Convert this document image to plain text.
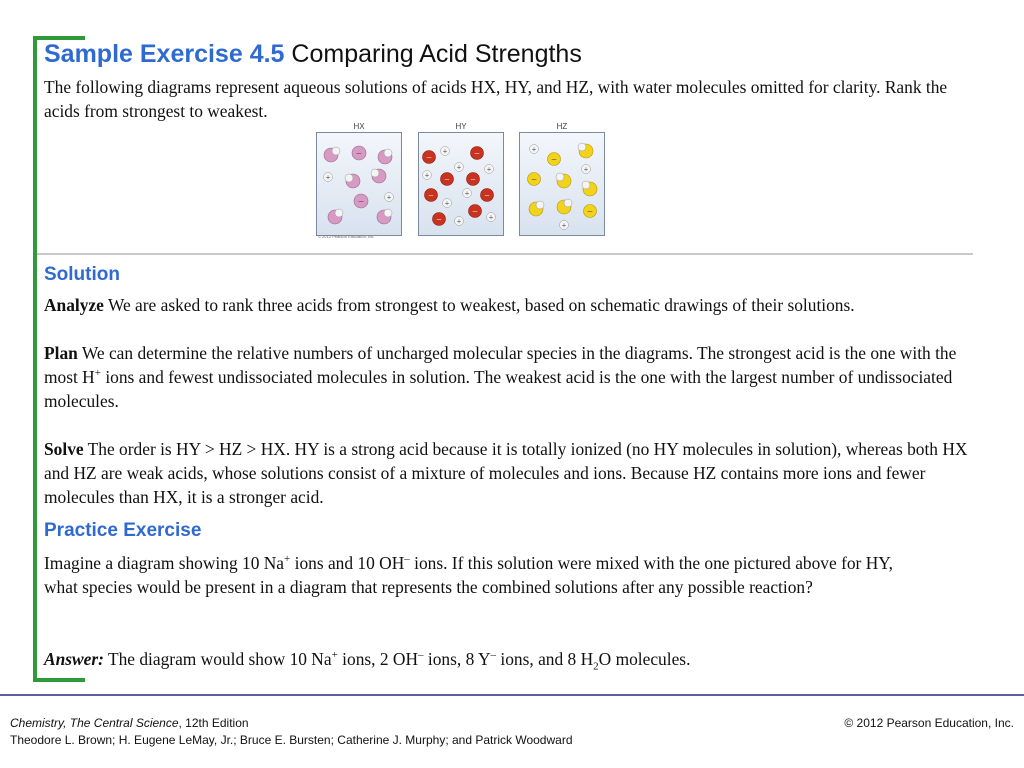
Sample Exercise 4.5 Comparing Acid Strengths
The following diagrams represent aqueous solutions of acids HX, HY, and HZ, with water molecules omitted for clarity. Rank the acids from strongest to weakest.
HX
–
+
–	+
HY
–
+	–
+	+
+ – –
–	+ –
+
–
–
+	+
HZ
+
–
+
–
–
+
© 2012 Pearson Education, Inc.
Solution
Analyze We are asked to rank three acids from strongest to weakest, based on schematic drawings of their solutions.
Plan We can determine the relative numbers of uncharged molecular species in the diagrams. The strongest acid is the one with the most H+ ions and fewest undissociated molecules in solution. The weakest acid is the one with the largest number of undissociated molecules.
Solve The order is HY > HZ > HX. HY is a strong acid because it is totally ionized (no HY molecules in solution), whereas both HX and HZ are weak acids, whose solutions consist of a mixture of molecules and ions. Because HZ contains more ions and fewer molecules than HX, it is a stronger acid.
Practice Exercise
Imagine a diagram showing 10 Na+ ions and 10 OH– ions. If this solution were mixed with the one pictured above for HY, what species would be present in a diagram that represents the combined solutions after any possible reaction?
Answer: The diagram would show 10 Na+ ions, 2 OH– ions, 8 Y– ions, and 8 $H_2O$ molecules.
Chemistry, The Central Science, 12th Edition
Theodore L. Brown; H. Eugene LeMay, Jr.; Bruce E. Bursten; Catherine J. Murphy; and Patrick Woodward
© 2012 Pearson Education, Inc.
